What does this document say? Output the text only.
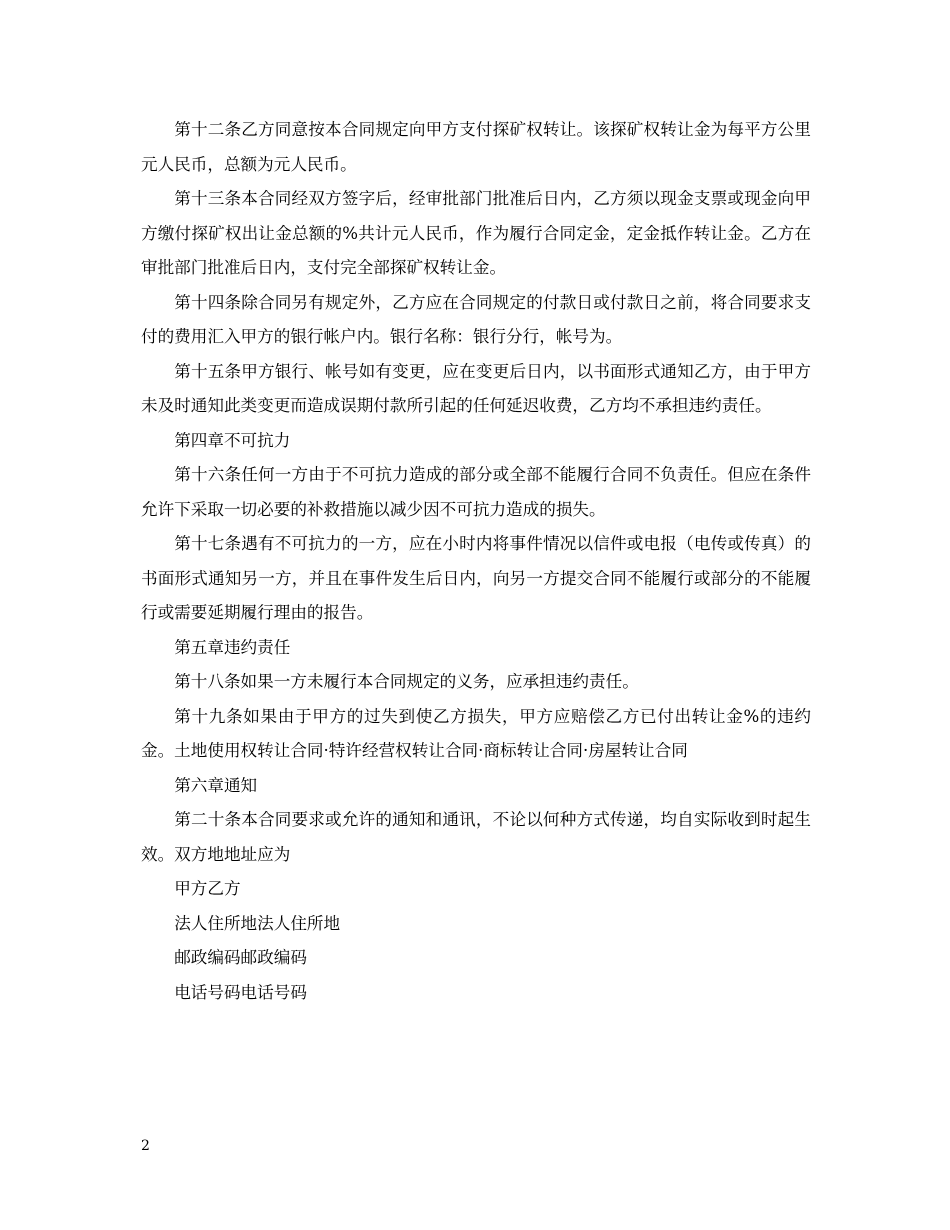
第十二条乙方同意按本合同规定向甲方支付探矿权转让。该探矿权转让金为每平方公里元人民币，总额为元人民币。

第十三条本合同经双方签字后，经审批部门批准后日内，乙方须以现金支票或现金向甲方缴付探矿权出让金总额的%共计元人民币，作为履行合同定金，定金抵作转让金。乙方在审批部门批准后日内，支付完全部探矿权转让金。

第十四条除合同另有规定外，乙方应在合同规定的付款日或付款日之前，将合同要求支付的费用汇入甲方的银行帐户内。银行名称：银行分行，帐号为。

第十五条甲方银行、帐号如有变更，应在变更后日内，以书面形式通知乙方，由于甲方未及时通知此类变更而造成误期付款所引起的任何延迟收费，乙方均不承担违约责任。

第四章不可抗力

第十六条任何一方由于不可抗力造成的部分或全部不能履行合同不负责任。但应在条件允许下采取一切必要的补救措施以减少因不可抗力造成的损失。

第十七条遇有不可抗力的一方，应在小时内将事件情况以信件或电报（电传或传真）的书面形式通知另一方，并且在事件发生后日内，向另一方提交合同不能履行或部分的不能履行或需要延期履行理由的报告。

第五章违约责任

第十八条如果一方未履行本合同规定的义务，应承担违约责任。

第十九条如果由于甲方的过失到使乙方损失，甲方应赔偿乙方已付出转让金%的违约金。土地使用权转让合同·特许经营权转让合同·商标转让合同·房屋转让合同

第六章通知

第二十条本合同要求或允许的通知和通讯，不论以何种方式传递，均自实际收到时起生效。双方地地址应为

甲方乙方

法人住所地法人住所地

邮政编码邮政编码

电话号码电话号码

2
